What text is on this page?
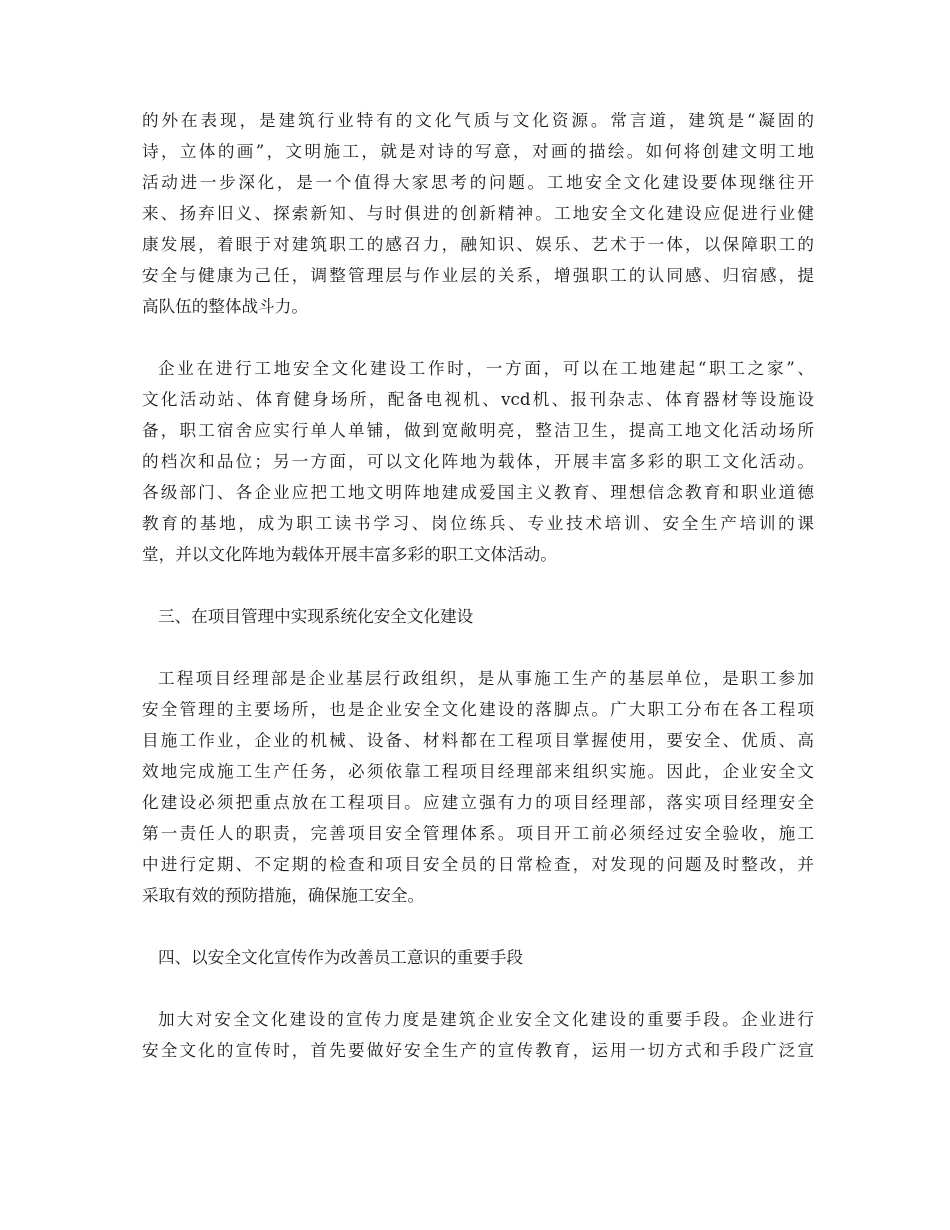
的外在表现，是建筑行业特有的文化气质与文化资源。常言道，建筑是“凝固的
诗，立体的画”，文明施工，就是对诗的写意，对画的描绘。如何将创建文明工地
活动进一步深化，是一个值得大家思考的问题。工地安全文化建设要体现继往开
来、扬弃旧义、探索新知、与时俱进的创新精神。工地安全文化建设应促进行业健
康发展，着眼于对建筑职工的感召力，融知识、娱乐、艺术于一体，以保障职工的
安全与健康为己任，调整管理层与作业层的关系，增强职工的认同感、归宿感，提
高队伍的整体战斗力。
企业在进行工地安全文化建设工作时，一方面，可以在工地建起“职工之家”、
文化活动站、体育健身场所，配备电视机、vcd机、报刊杂志、体育器材等设施设
备，职工宿舍应实行单人单铺，做到宽敞明亮，整洁卫生，提高工地文化活动场所
的档次和品位；另一方面，可以文化阵地为载体，开展丰富多彩的职工文化活动。
各级部门、各企业应把工地文明阵地建成爱国主义教育、理想信念教育和职业道德
教育的基地，成为职工读书学习、岗位练兵、专业技术培训、安全生产培训的课
堂，并以文化阵地为载体开展丰富多彩的职工文体活动。
三、在项目管理中实现系统化安全文化建设
工程项目经理部是企业基层行政组织，是从事施工生产的基层单位，是职工参加
安全管理的主要场所，也是企业安全文化建设的落脚点。广大职工分布在各工程项
目施工作业，企业的机械、设备、材料都在工程项目掌握使用，要安全、优质、高
效地完成施工生产任务，必须依靠工程项目经理部来组织实施。因此，企业安全文
化建设必须把重点放在工程项目。应建立强有力的项目经理部，落实项目经理安全
第一责任人的职责，完善项目安全管理体系。项目开工前必须经过安全验收，施工
中进行定期、不定期的检查和项目安全员的日常检查，对发现的问题及时整改，并
采取有效的预防措施，确保施工安全。
四、以安全文化宣传作为改善员工意识的重要手段
加大对安全文化建设的宣传力度是建筑企业安全文化建设的重要手段。企业进行
安全文化的宣传时，首先要做好安全生产的宣传教育，运用一切方式和手段广泛宣
